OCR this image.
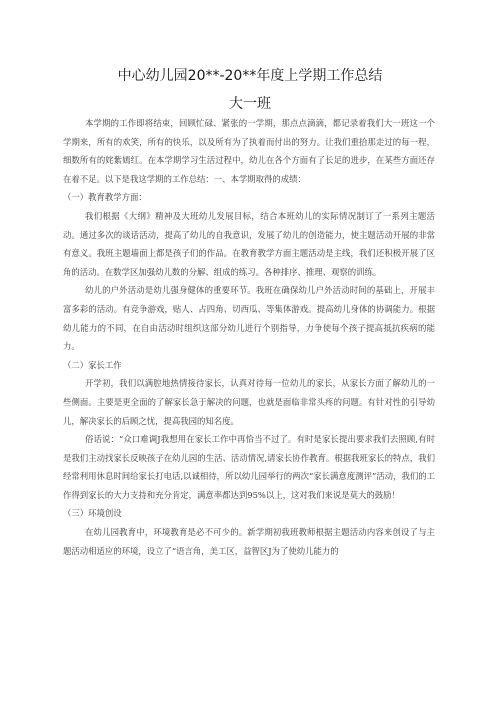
中心幼儿园20**-20**年度上学期工作总结
大一班

本学期的工作即将结束，回顾忙碌、紧张的一学期，那点点滴滴，都记录着我们大一班这一个学期来，所有的欢笑，所有的快乐，以及所有为了执着而付出的努力。让我们重拾那走过的每一程，细数所有的姹紫嫣红。在本学期学习生活过程中，幼儿在各个方面有了长足的进步，在某些方面还存在着不足。以下是我这学期的工作总结：一、本学期取得的成绩：

（一）教育教学方面：

我们根据《大纲》精神及大班幼儿发展目标，结合本班幼儿的实际情况制订了一系列主题活动。通过多次的谈话活动，提高了幼儿的自我意识，发展了幼儿的创造能力，使主题活动开展的非常有意义。我班主题墙面上都是孩子们的作品。在教育教学方面主题活动是主线，我们还积极开展了区角的活动。在数学区加强幼儿数的分解、组成的练习。各种排序、推理、观察的训练。

幼儿的户外活动是幼儿强身健体的重要环节。我班在确保幼儿户外活动时间的基础上，开展丰富多彩的活动。有竞争游戏，贴人、占四角、切西瓜、等集体游戏。提高幼儿身体的协调能力。根据幼儿能力的不同，在自由活动时组织这部分幼儿进行个别指导，力争使每个孩子提高抵抗疾病的能力。

（二）家长工作

开学初，我们以满腔地热情接待家长，认真对待每一位幼儿的家长，从家长方面了解幼儿的一些侧面。主要是更全面的了解家长急于解决的问题，也就是面临非常头疼的问题。有针对性的引导幼儿，解决家长的后顾之忧，提高我园的知名度。

俗话说：“众口难调J我想用在家长工作中再恰当不过了。有时是家长提出要求我们去照顾,有时是我们主动找家长反映孩子在幼儿园的生活、活动情况,请家长协作教育。根据我班家长的特点，我们经常利用休息时间给家长打电话,以诚相待，所以幼儿园举行的两次“家长满意度测评”活动，我们的工作得到家长的大力支持和充分肯定，满意率都达到95%以上，这对我们来说是莫大的鼓励！

（三）环境创设

在幼儿园教育中，环境教育是必不可少的。新学期初我班教师根据主题活动内容来创设了与主题活动相适应的环境，设立了“语言角，美工区，益智区J为了使幼儿能力的
